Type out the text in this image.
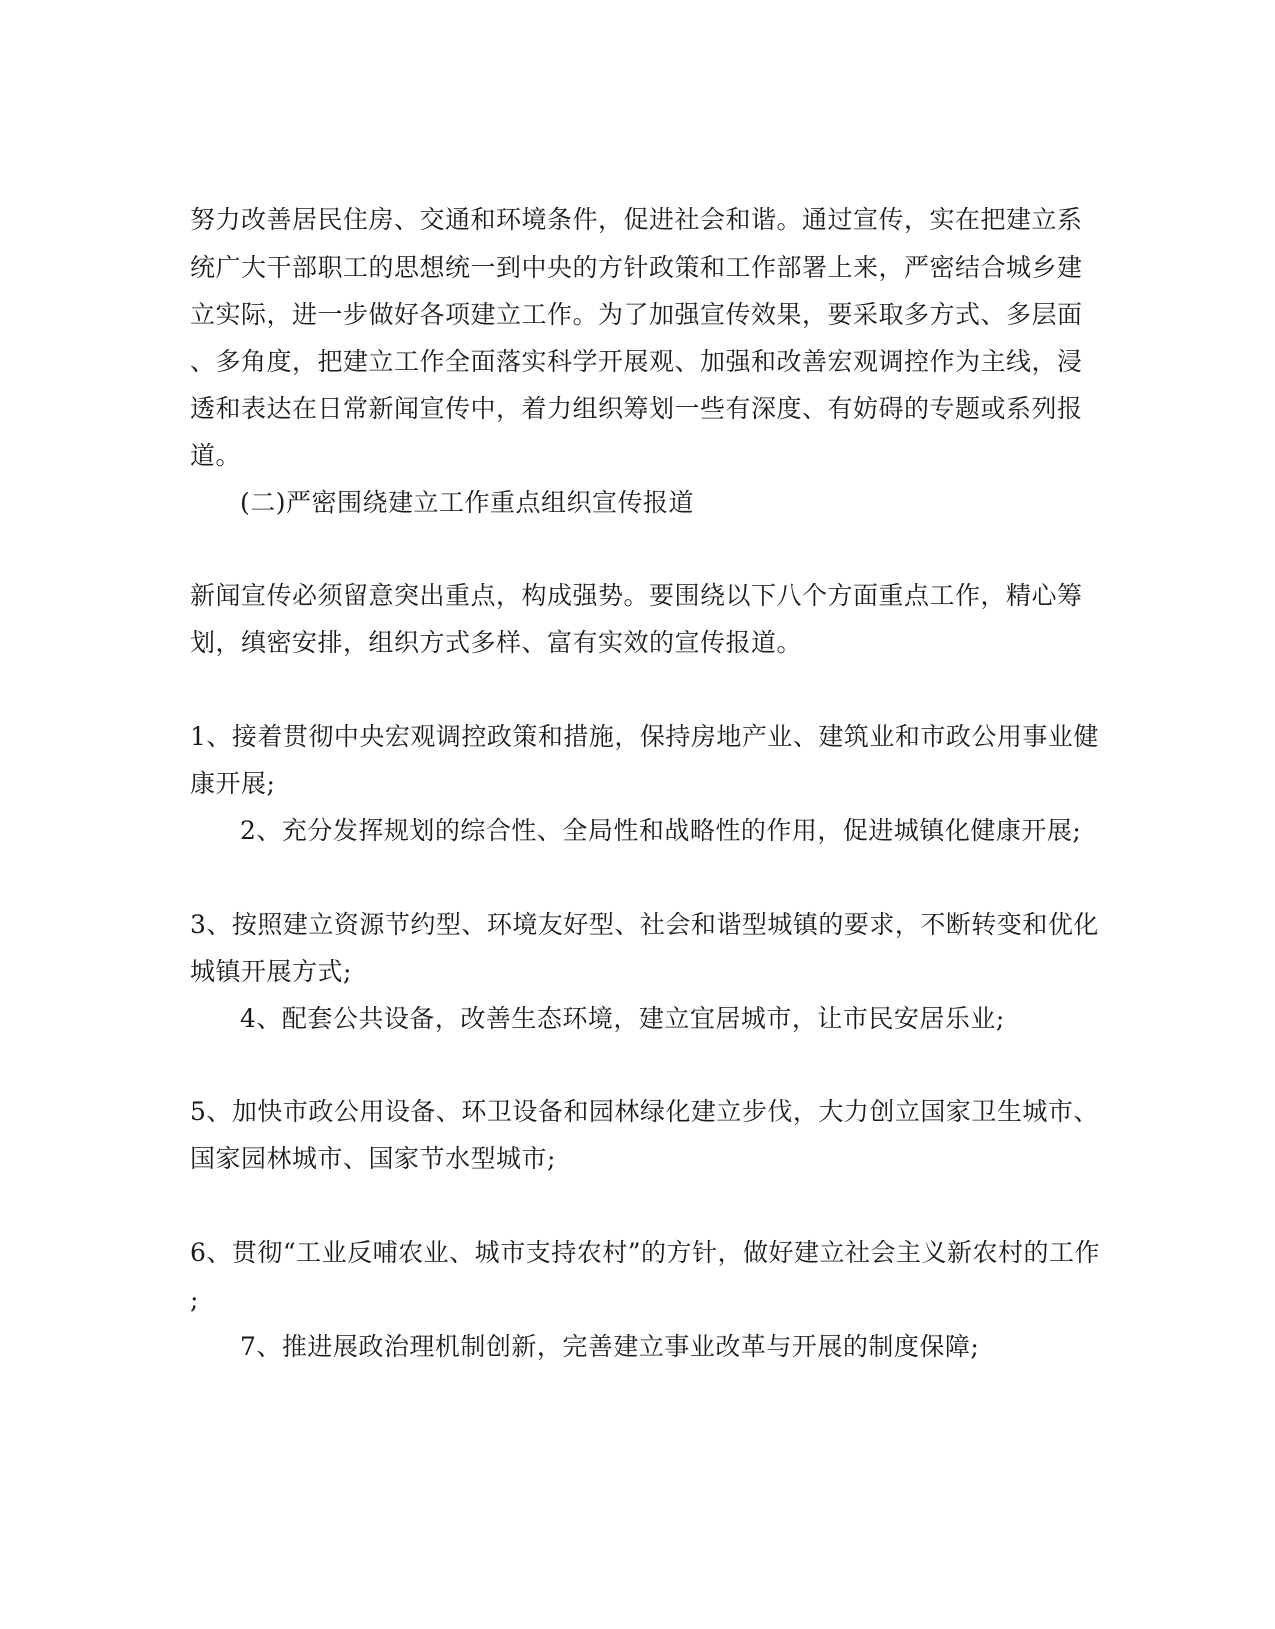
努力改善居民住房、交通和环境条件，促进社会和谐。通过宣传，实在把建立系
统广大干部职工的思想统一到中央的方针政策和工作部署上来，严密结合城乡建
立实际，进一步做好各项建立工作。为了加强宣传效果，要采取多方式、多层面
、多角度，把建立工作全面落实科学开展观、加强和改善宏观调控作为主线，浸
透和表达在日常新闻宣传中，着力组织筹划一些有深度、有妨碍的专题或系列报
道。
(二)严密围绕建立工作重点组织宣传报道
新闻宣传必须留意突出重点，构成强势。要围绕以下八个方面重点工作，精心筹
划，缜密安排，组织方式多样、富有实效的宣传报道。
1、接着贯彻中央宏观调控政策和措施，保持房地产业、建筑业和市政公用事业健
康开展;
2、充分发挥规划的综合性、全局性和战略性的作用，促进城镇化健康开展;
3、按照建立资源节约型、环境友好型、社会和谐型城镇的要求，不断转变和优化
城镇开展方式;
4、配套公共设备，改善生态环境，建立宜居城市，让市民安居乐业;
5、加快市政公用设备、环卫设备和园林绿化建立步伐，大力创立国家卫生城市、
国家园林城市、国家节水型城市;
6、贯彻“工业反哺农业、城市支持农村”的方针，做好建立社会主义新农村的工作
;
7、推进展政治理机制创新，完善建立事业改革与开展的制度保障;
